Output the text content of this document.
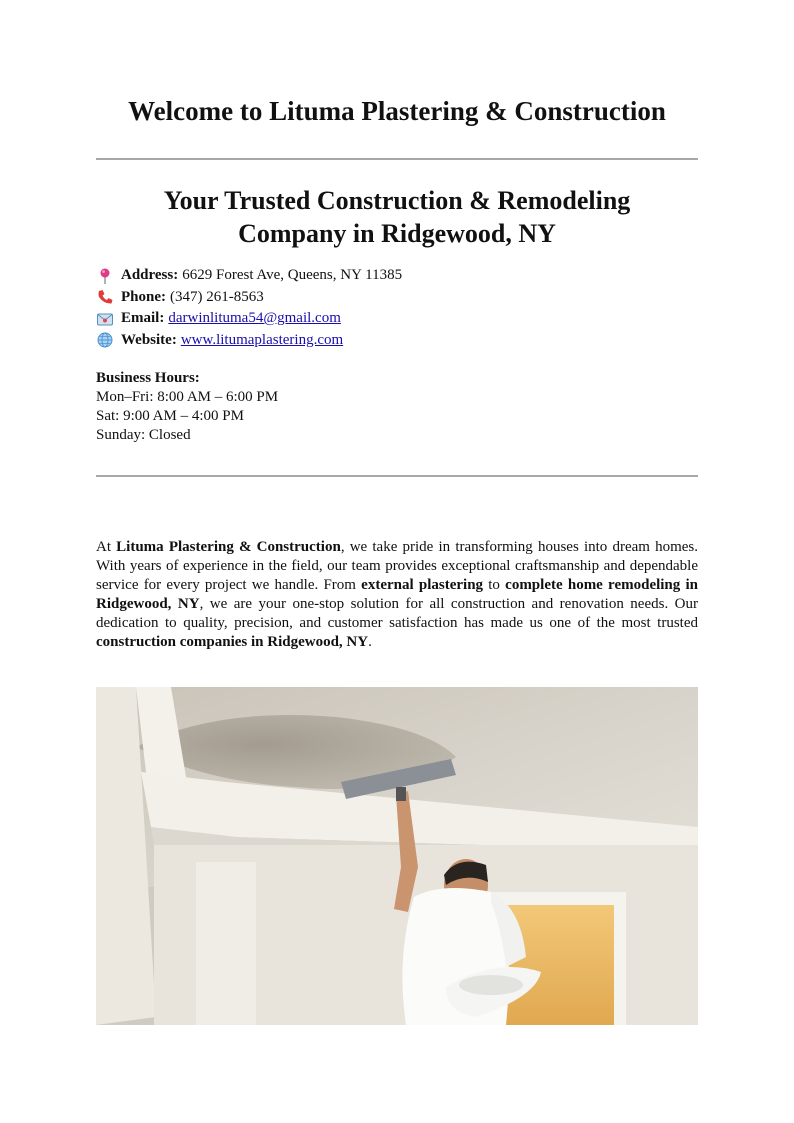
Welcome to Lituma Plastering & Construction
Your Trusted Construction & Remodeling
Company in Ridgewood, NY
Address: 6629 Forest Ave, Queens, NY 11385
Phone: (347) 261-8563
Email: darwinlituma54@gmail.com
Website: www.litumaplastering.com
Business Hours:
Mon–Fri: 8:00 AM – 6:00 PM
Sat: 9:00 AM – 4:00 PM
Sunday: Closed

At Lituma Plastering & Construction, we take pride in transforming houses into dream homes. With years of experience in the field, our team provides exceptional craftsmanship and dependable service for every project we handle. From external plastering to complete home remodeling in Ridgewood, NY, we are your one-stop solution for all construction and renovation needs. Our dedication to quality, precision, and customer satisfaction has made us one of the most trusted construction companies in Ridgewood, NY.
